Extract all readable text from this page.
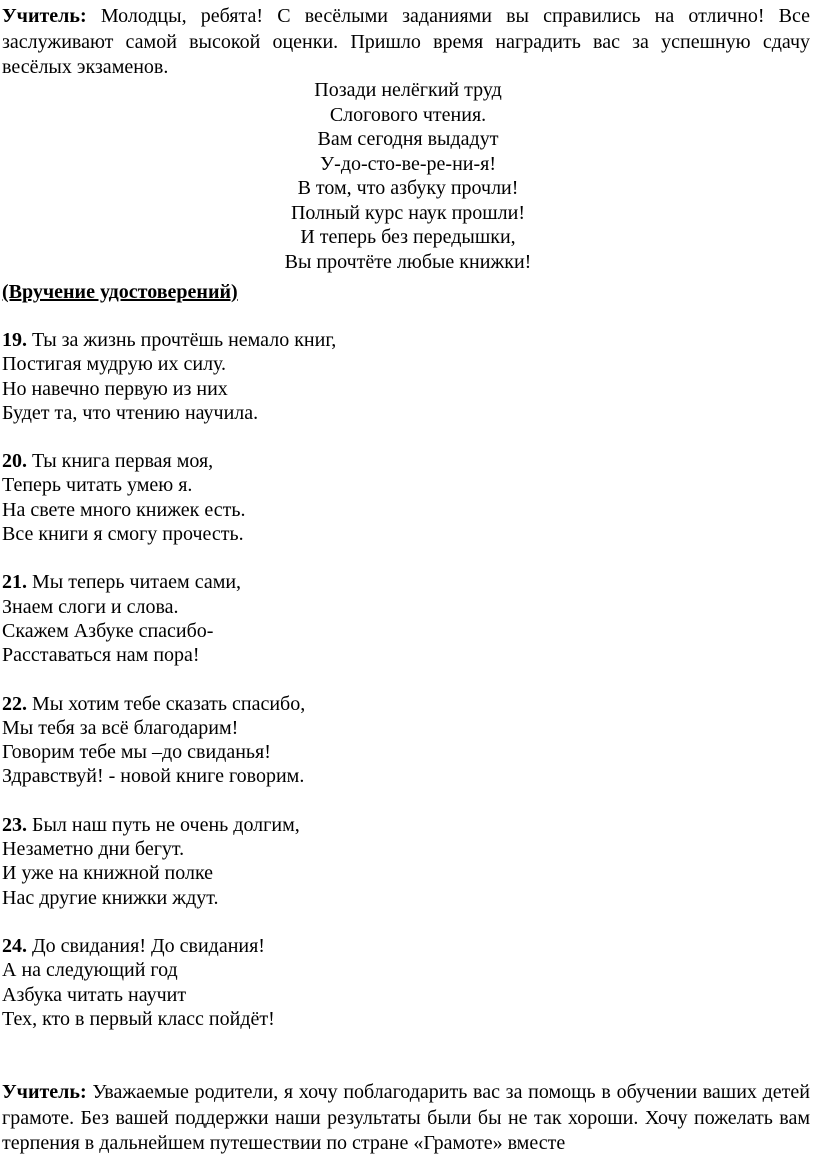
Учитель: Молодцы, ребята! С весёлыми заданиями вы справились на отлично! Все заслуживают самой высокой оценки. Пришло время наградить вас за успешную сдачу весёлых экзаменов.
Позади нелёгкий труд
Слогового чтения.
Вам сегодня выдадут
У-до-сто-ве-ре-ни-я!
В том, что азбуку прочли!
Полный курс наук прошли!
И теперь без передышки,
Вы прочтёте любые книжки!
(Вручение удостоверений)
19. Ты за жизнь прочтёшь немало книг,
Постигая мудрую их силу.
Но навечно первую из них
Будет та, что чтению научила.
20. Ты книга первая моя,
Теперь читать умею я.
На свете много книжек есть.
Все книги я смогу прочесть.
21. Мы теперь читаем сами,
Знаем слоги и слова.
Скажем Азбуке спасибо-
Расставаться нам пора!
22. Мы хотим тебе сказать спасибо,
Мы тебя за всё благодарим!
Говорим тебе мы –до свиданья!
Здравствуй! - новой книге говорим.
23. Был наш путь не очень долгим,
Незаметно дни бегут.
И уже на книжной полке
Нас другие книжки ждут.
24. До свидания! До свидания!
А на следующий год
Азбука читать научит
Тех, кто в первый класс пойдёт!
Учитель: Уважаемые родители, я хочу поблагодарить вас за помощь в обучении ваших детей грамоте. Без вашей поддержки наши результаты были бы не так хороши. Хочу пожелать вам терпения в дальнейшем путешествии по стране «Грамоте» вместе
